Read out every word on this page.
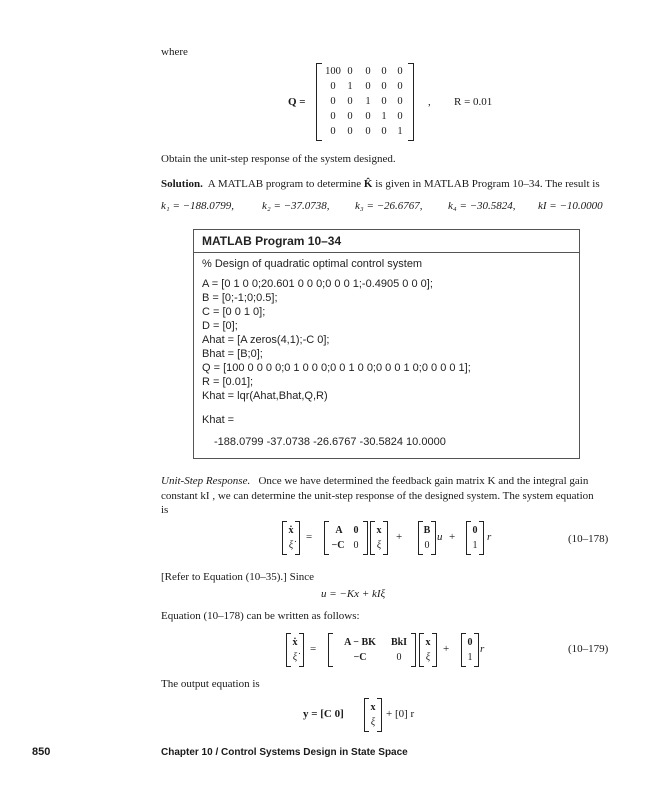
where
Q =
100 0	0	0	0
0	1	0	0	0
0	0	1	0	0
0	0	0	1	0
0	0	0	0	1
, R = 0.01
Obtain the unit-step response of the system designed.
Solution. A MATLAB program to determine K̂ is given in MATLAB Program 10–34. The result is
k₁ = −188.0799,	k₂ = −37.0738, k₃ = −26.6767, k₄ = −30.5824, kI = −10.0000
MATLAB Program 10–34
% Design of quadratic optimal control system
A = [0 1 0 0;20.601 0 0 0;0 0 0 1;-0.4905 0 0 0];
B = [0;-1;0;0.5];
C = [0 0 1 0];
D = [0];
Ahat = [A zeros(4,1);-C 0];
Bhat = [B;0];
Q = [100 0 0 0 0;0 1 0 0 0;0 0 1 0 0;0 0 0 1 0;0 0 0 0 1];
R = [0.01];
Khat = lqr(Ahat,Bhat,Q,R)
Khat =
-188.0799 -37.0738 -26.6767 -30.5824 10.0000
Unit-Step Response. Once we have determined the feedback gain matrix K and the integral gain
constant kI , we can determine the unit-step response of the designed system. The system equation
is
ẋ
ξ̇
=
A	0
−C 0
x
ξ
+
B
0
u +
0
1
r	(10–178)
[Refer to Equation (10–35).] Since
u = −Kx + kIξ
Equation (10–178) can be written as follows:
ẋ
ξ̇
=
A − BK	BkI
−C	0
x
ξ
+
0
1
r	(10–179)
The output equation is
y = [C 0]
x
ξ
+ [0] r
850	Chapter 10 / Control Systems Design in State Space
